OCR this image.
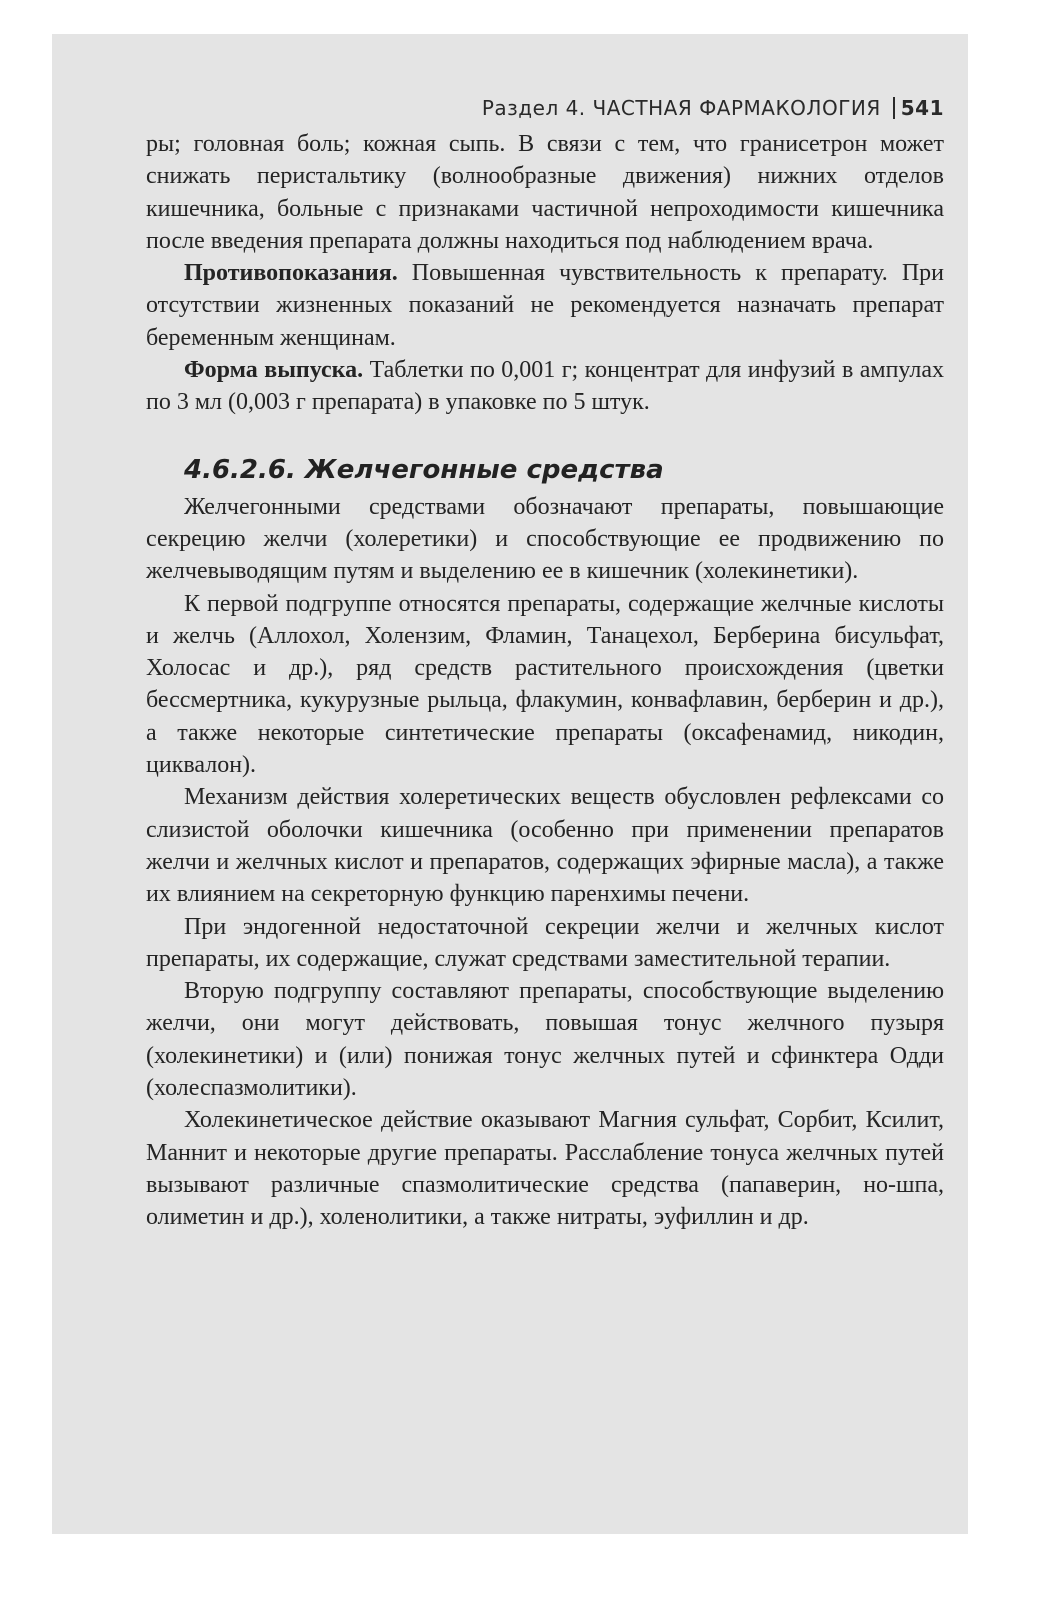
Раздел 4. ЧАСТНАЯ ФАРМАКОЛОГИЯ 541

ры; головная боль; кожная сыпь. В связи с тем, что гранисетрон может снижать перистальтику (волнообразные движения) нижних отделов кишечника, больные с признаками частичной непроходимости кишечника после введения препарата должны находиться под наблюдением врача.

Противопоказания. Повышенная чувствительность к препарату. При отсутствии жизненных показаний не рекомендуется назначать препарат беременным женщинам.

Форма выпуска. Таблетки по 0,001 г; концентрат для инфузий в ампулах по 3 мл (0,003 г препарата) в упаковке по 5 штук.

4.6.2.6. Желчегонные средства

Желчегонными средствами обозначают препараты, повышающие секрецию желчи (холеретики) и способствующие ее продвижению по желчевыводящим путям и выделению ее в кишечник (холекинетики).

К первой подгруппе относятся препараты, содержащие желчные кислоты и желчь (Аллохол, Холензим, Фламин, Танацехол, Берберина бисульфат, Холосас и др.), ряд средств растительного происхождения (цветки бессмертника, кукурузные рыльца, флакумин, конвафлавин, берберин и др.), а также некоторые синтетические препараты (оксафенамид, никодин, циквалон).

Механизм действия холеретических веществ обусловлен рефлексами со слизистой оболочки кишечника (особенно при применении препаратов желчи и желчных кислот и препаратов, содержащих эфирные масла), а также их влиянием на секреторную функцию паренхимы печени.

При эндогенной недостаточной секреции желчи и желчных кислот препараты, их содержащие, служат средствами заместительной терапии.

Вторую подгруппу составляют препараты, способствующие выделению желчи, они могут действовать, повышая тонус желчного пузыря (холекинетики) и (или) понижая тонус желчных путей и сфинктера Одди (холеспазмолитики).

Холекинетическое действие оказывают Магния сульфат, Сорбит, Ксилит, Маннит и некоторые другие препараты. Расслабление тонуса желчных путей вызывают различные спазмолитические средства (папаверин, но-шпа, олиметин и др.), холенолитики, а также нитраты, эуфиллин и др.
